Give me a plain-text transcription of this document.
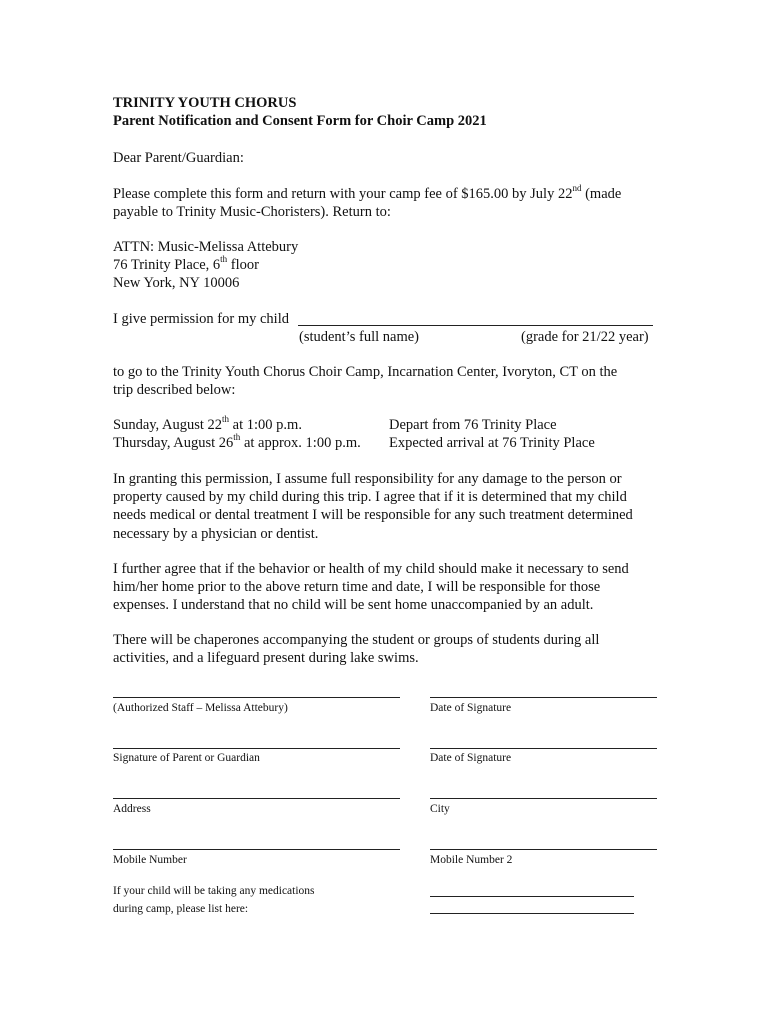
TRINITY YOUTH CHORUS
Parent Notification and Consent Form for Choir Camp 2021
Dear Parent/Guardian:
Please complete this form and return with your camp fee of $165.00 by July 22nd (made
payable to Trinity Music-Choristers). Return to:
ATTN: Music-Melissa Attebury
76 Trinity Place, 6th floor
New York, NY 10006
I give permission for my child
(student’s full name)	(grade for 21/22 year)
to go to the Trinity Youth Chorus Choir Camp, Incarnation Center, Ivoryton, CT on the
trip described below:
Sunday, August 22th at 1:00 p.m.	Depart from 76 Trinity Place
Thursday, August 26th at approx. 1:00 p.m. Expected arrival at 76 Trinity Place
In granting this permission, I assume full responsibility for any damage to the person or
property caused by my child during this trip. I agree that if it is determined that my child
needs medical or dental treatment I will be responsible for any such treatment determined
necessary by a physician or dentist.
I further agree that if the behavior or health of my child should make it necessary to send
him/her home prior to the above return time and date, I will be responsible for those
expenses. I understand that no child will be sent home unaccompanied by an adult.
There will be chaperones accompanying the student or groups of students during all
activities, and a lifeguard present during lake swims.
(Authorized Staff – Melissa Attebury)	Date of Signature
Signature of Parent or Guardian	Date of Signature
Address	City
Mobile Number	Mobile Number 2
If your child will be taking any medications
during camp, please list here:
